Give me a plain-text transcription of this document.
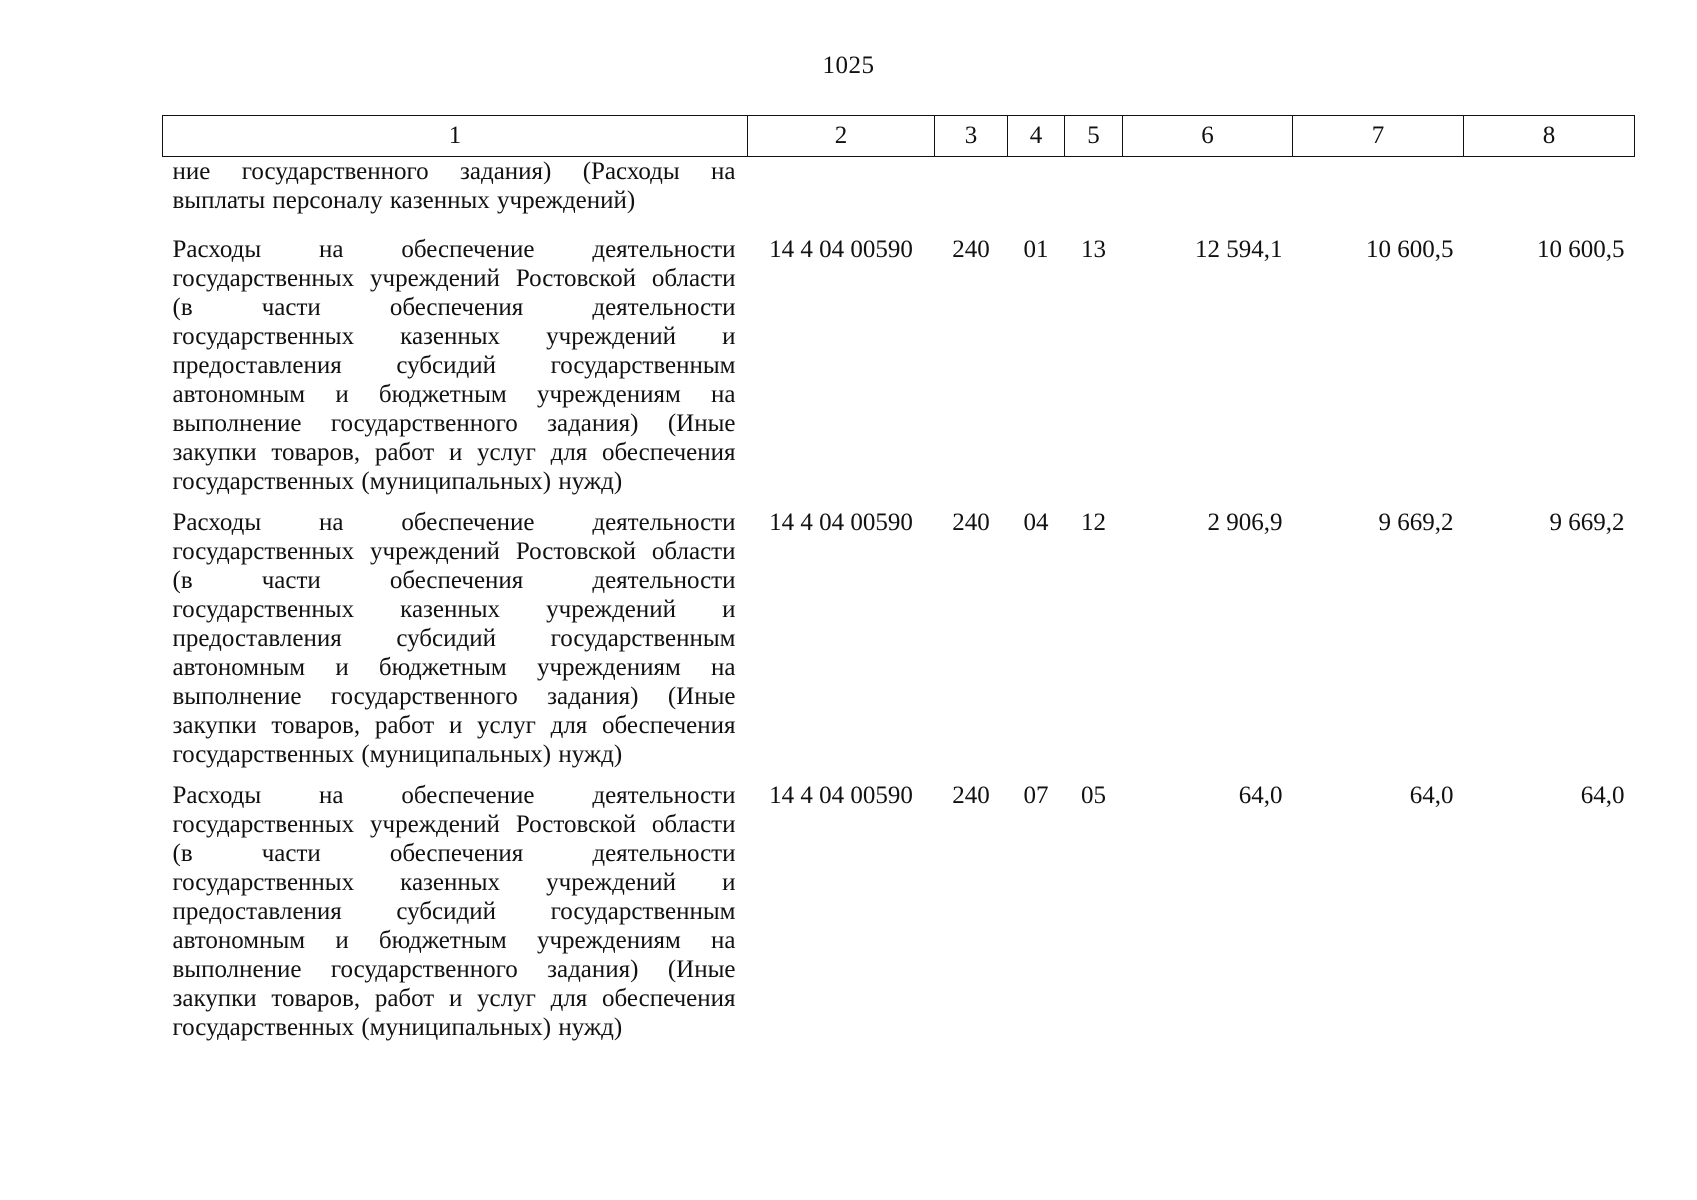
1025
1	2	3	4	5	6	7	8
ние государственного задания) (Расходы на выплаты персоналу казенных учреждений)							
Расходы на обеспечение деятельности государственных учреждений Ростовской области (в части обеспечения деятельности государственных казенных учреждений и предоставления субсидий государственным автономным и бюджетным учреждениям на выполнение государственного задания) (Иные закупки товаров, работ и услуг для обеспечения государственных (муниципальных) нужд)	14 4 04 00590	240	01	13	12 594,1	10 600,5	10 600,5
Расходы на обеспечение деятельности государственных учреждений Ростовской области (в части обеспечения деятельности государственных казенных учреждений и предоставления субсидий государственным автономным и бюджетным учреждениям на выполнение государственного задания) (Иные закупки товаров, работ и услуг для обеспечения государственных (муниципальных) нужд)	14 4 04 00590	240	04	12	2 906,9	9 669,2	9 669,2
Расходы на обеспечение деятельности государственных учреждений Ростовской области (в части обеспечения деятельности государственных казенных учреждений и предоставления субсидий государственным автономным и бюджетным учреждениям на выполнение государственного задания) (Иные закупки товаров, работ и услуг для обеспечения государственных (муниципальных) нужд)	14 4 04 00590	240	07	05	64,0	64,0	64,0
